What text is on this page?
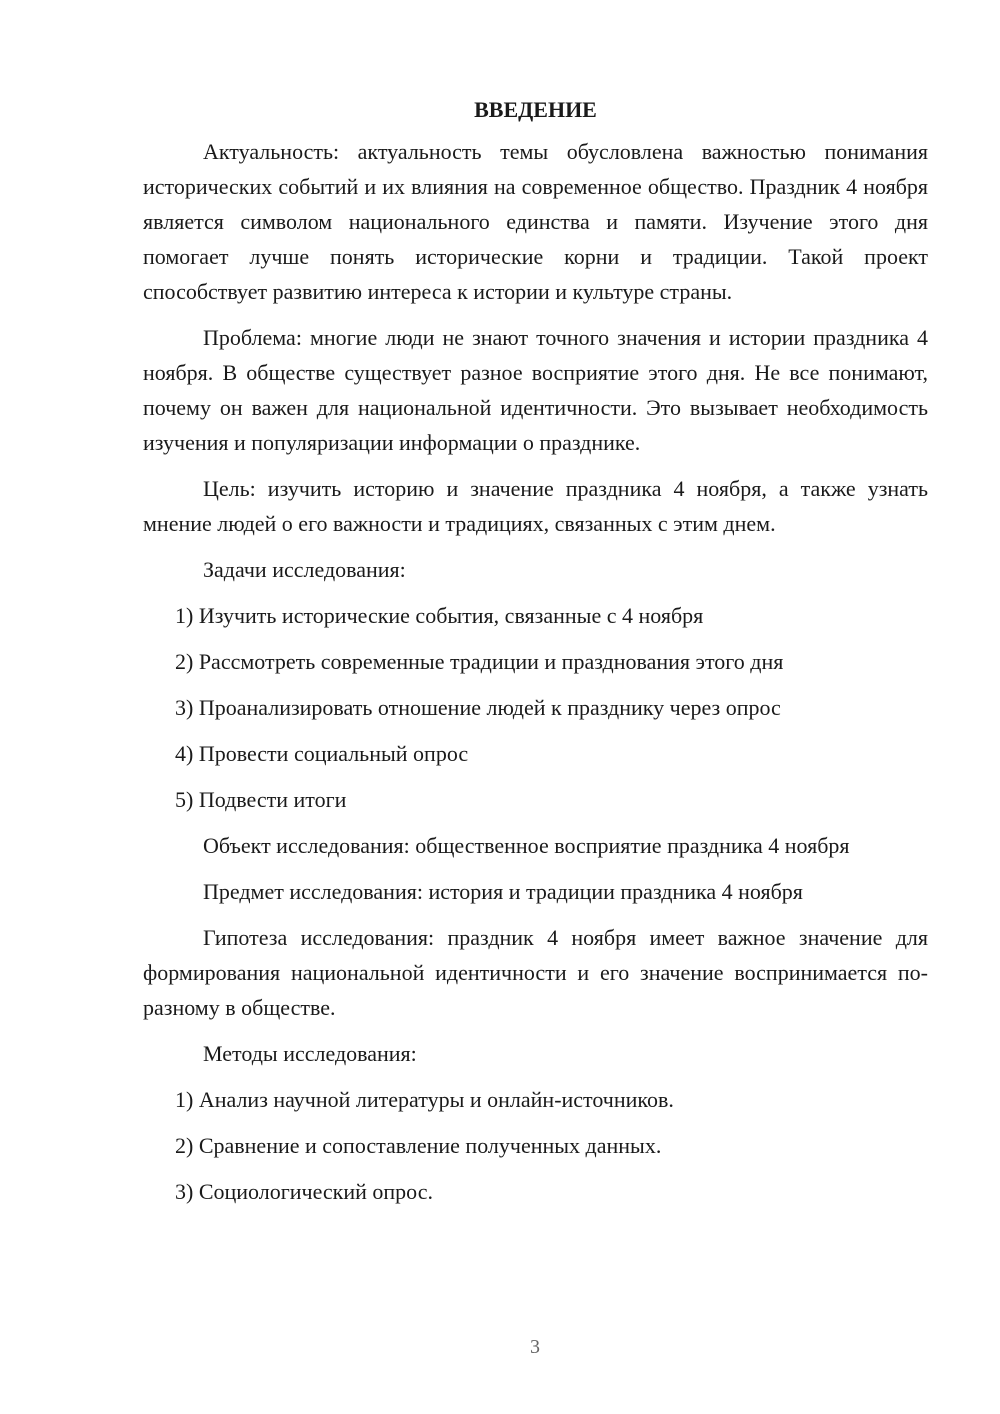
ВВЕДЕНИЕ

Актуальность: актуальность темы обусловлена важностью понимания исторических событий и их влияния на современное общество. Праздник 4 ноября является символом национального единства и памяти. Изучение этого дня помогает лучше понять исторические корни и традиции. Такой проект способствует развитию интереса к истории и культуре страны.

Проблема: многие люди не знают точного значения и истории праздника 4 ноября. В обществе существует разное восприятие этого дня. Не все понимают, почему он важен для национальной идентичности. Это вызывает необходимость изучения и популяризации информации о празднике.

Цель: изучить историю и значение праздника 4 ноября, а также узнать мнение людей о его важности и традициях, связанных с этим днем.

Задачи исследования:
1) Изучить исторические события, связанные с 4 ноября
2) Рассмотреть современные традиции и празднования этого дня
3) Проанализировать отношение людей к празднику через опрос
4) Провести социальный опрос
5) Подвести итоги

Объект исследования: общественное восприятие праздника 4 ноября

Предмет исследования: история и традиции праздника 4 ноября

Гипотеза исследования: праздник 4 ноября имеет важное значение для формирования национальной идентичности и его значение воспринимается по-разному в обществе.

Методы исследования:
1) Анализ научной литературы и онлайн-источников.
2) Сравнение и сопоставление полученных данных.
3) Социологический опрос.
3
